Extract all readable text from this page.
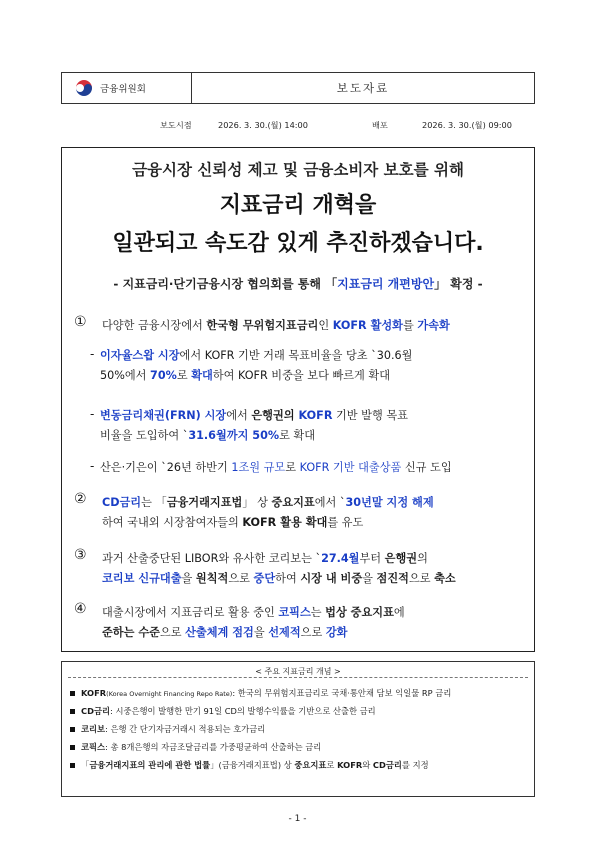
금융위원회	보도자료
보도시점	2026. 3. 30.(월) 14:00	배포	2026. 3. 30.(월) 09:00
금융시장 신뢰성 제고 및 금융소비자 보호를 위해
지표금리 개혁을
일관되고 속도감 있게 추진하겠습니다.
- 지표금리·단기금융시장 협의회를 통해 「지표금리 개편방안」 확정 -
① 다양한 금융시장에서 한국형 무위험지표금리인 KOFR 활성화를 가속화
- 이자율스왑 시장에서 KOFR 기반 거래 목표비율을 당초 `30.6월
50%에서 70%로 확대하여 KOFR 비중을 보다 빠르게 확대
- 변동금리채권(FRN) 시장에서 은행권의 KOFR 기반 발행 목표
비율을 도입하여 `31.6월까지 50%로 확대
- 산은·기은이 `26년 하반기 1조원 규모로 KOFR 기반 대출상품 신규 도입
② CD금리는 「금융거래지표법」 상 중요지표에서 `30년말 지정 해제
하여 국내외 시장참여자들의 KOFR 활용 확대를 유도
③ 과거 산출중단된 LIBOR와 유사한 코리보는 `27.4월부터 은행권의
코리보 신규대출을 원칙적으로 중단하여 시장 내 비중을 점진적으로 축소
④ 대출시장에서 지표금리로 활용 중인 코픽스는 법상 중요지표에
준하는 수준으로 산출체계 점검을 선제적으로 강화
< 주요 지표금리 개념 >
KOFR(Korea Overnight Financing Repo Rate): 한국의 무위험지표금리로 국채·통안채 담보 익일물 RP 금리
CD금리: 시중은행이 발행한 만기 91일 CD의 발행수익률을 기반으로 산출한 금리
코리보: 은행 간 단기자금거래시 적용되는 호가금리
코픽스: 총 8개은행의 자금조달금리를 가중평균하여 산출하는 금리
「금융거래지표의 관리에 관한 법률」(금융거래지표법) 상 중요지표로 KOFR와 CD금리를 지정
- 1 -
